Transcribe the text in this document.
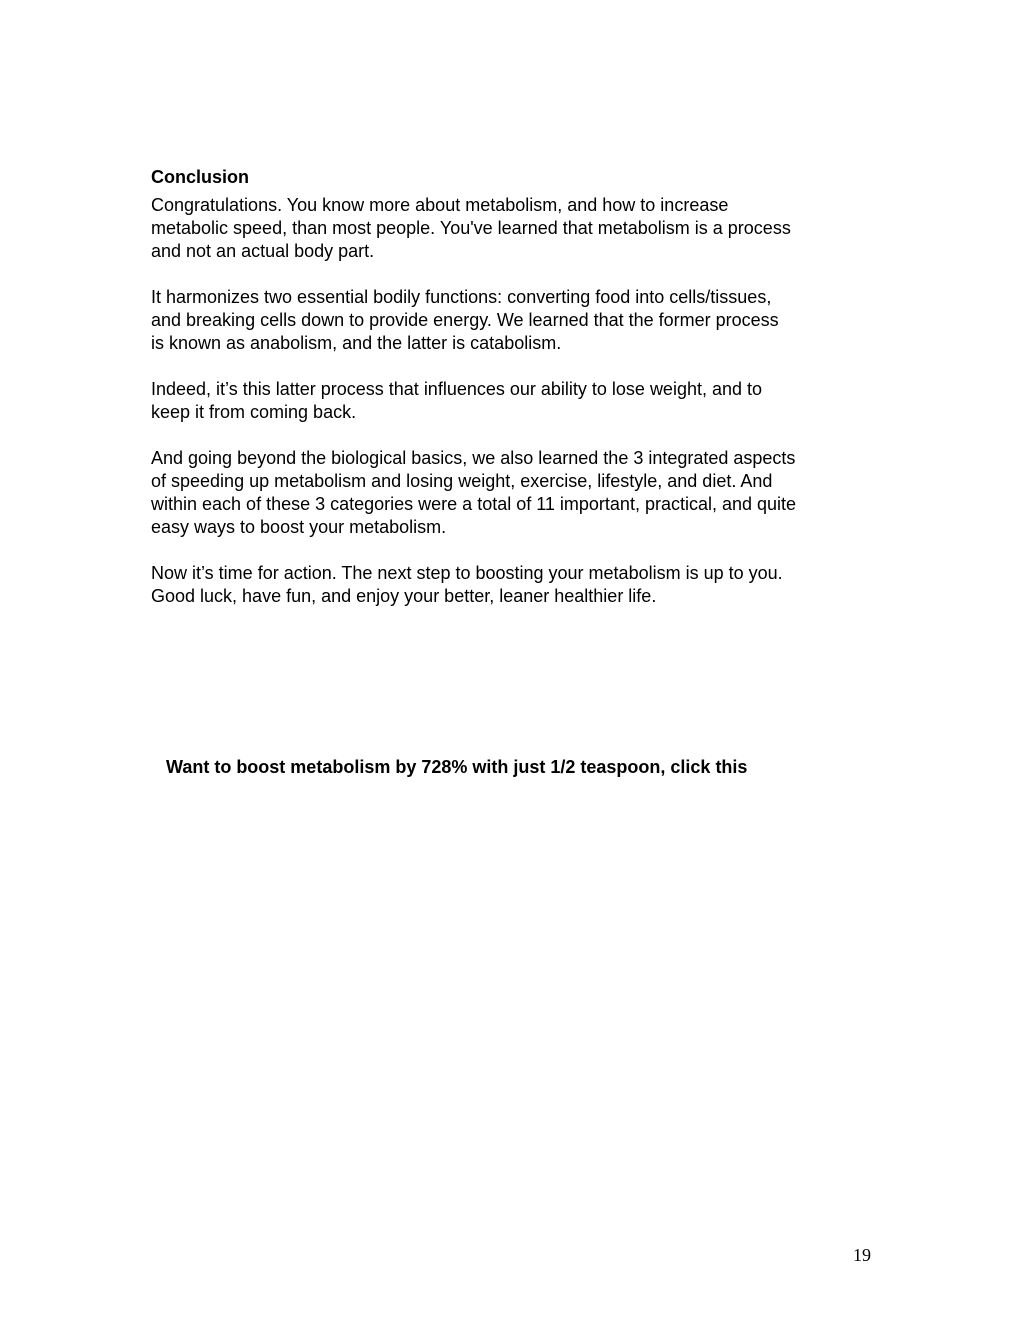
Conclusion
Congratulations. You know more about metabolism, and how to increase
metabolic speed, than most people. You've learned that metabolism is a process
and not an actual body part.
It harmonizes two essential bodily functions: converting food into cells/tissues,
and breaking cells down to provide energy. We learned that the former process
is known as anabolism, and the latter is catabolism.
Indeed, it’s this latter process that influences our ability to lose weight, and to
keep it from coming back.
And going beyond the biological basics, we also learned the 3 integrated aspects
of speeding up metabolism and losing weight, exercise, lifestyle, and diet. And
within each of these 3 categories were a total of 11 important, practical, and quite
easy ways to boost your metabolism.
Now it’s time for action. The next step to boosting your metabolism is up to you.
Good luck, have fun, and enjoy your better, leaner healthier life.
Want to boost metabolism by 728% with just 1/2 teaspoon, click this
19
